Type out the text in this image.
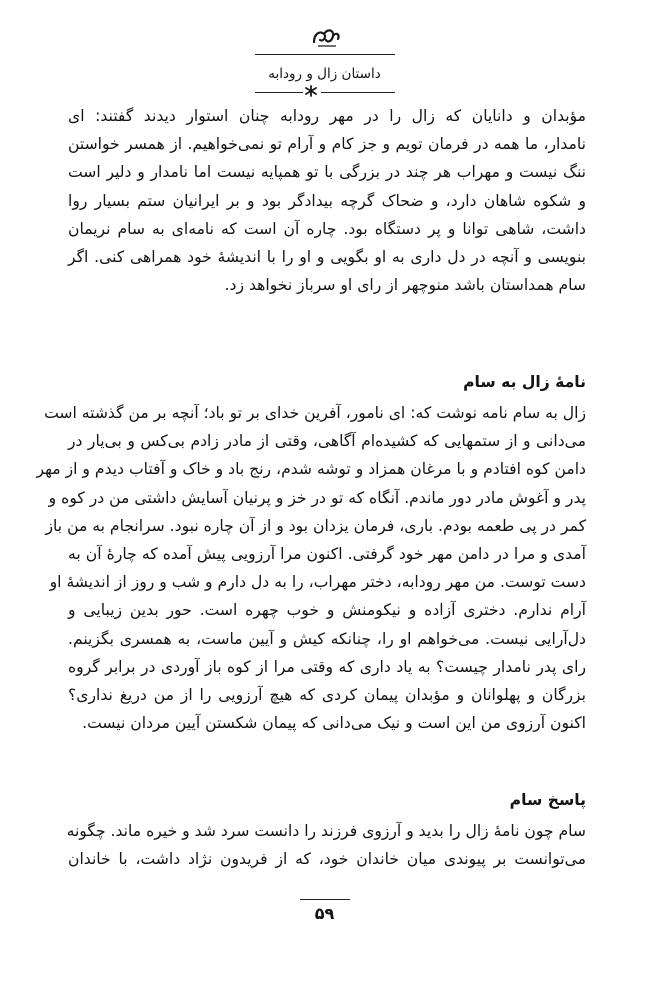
داستان زال و رودابه
مؤبدان و دانایان که زال را در مهر رودابه چنان استوار دیدند گفتند: ای
نامدار، ما همه در فرمان تویم و جز کام و آرام تو نمی‌خواهیم. از همسر خواستن
ننگ نیست و مهراب هر چند در بزرگی با تو همپایه نیست اما نامدار و دلیر است
و شکوه شاهان دارد، و ضحاک گرچه بیدادگر بود و بر ایرانیان ستم بسیار روا
داشت، شاهی توانا و پر دستگاه بود. چاره آن است که نامه‌ای به سام نریمان
بنویسی و آنچه در دل داری به او بگویی و او را با اندیشهٔ خود همراهی کنی. اگر
سام همداستان باشد منوچهر از رای او سرباز نخواهد زد.
نامهٔ زال به سام
زال به سام نامه نوشت که: ای نامور، آفرین خدای بر تو باد؛ آنچه بر من گذشته است
می‌دانی و از ستمهایی که کشیده‌ام آگاهی، وقتی از مادر زادم بی‌کس و بی‌یار در
دامن کوه افتادم و با مرغان همزاد و توشه شدم، رنج باد و خاک و آفتاب دیدم و از مهر
پدر و آغوش مادر دور ماندم. آنگاه که تو در خز و پرنیان آسایش داشتی من در کوه و
کمر در پی طعمه بودم. باری، فرمان یزدان بود و از آن چاره نبود. سرانجام به من باز
آمدی و مرا در دامن مهر خود گرفتی. اکنون مرا آرزویی پیش آمده که چارهٔ آن به
دست توست. من مهر رودابه، دختر مهراب، را به دل دارم و شب و روز از اندیشهٔ او
آرام ندارم. دختری آزاده و نیکومنش و خوب چهره است. حور بدین زیبایی و
دل‌آرایی نیست. می‌خواهم او را، چنانکه کیش و آیین ماست، به همسری بگزینم.
رای پدر نامدار چیست؟ به یاد داری که وقتی مرا از کوه باز آوردی در برابر گروه
بزرگان و پهلوانان و مؤبدان پیمان کردی که هیچ آرزویی را از من دریغ نداری؟
اکنون آرزوی من این است و نیک می‌دانی که پیمان شکستن آیین مردان نیست.
پاسخ سام
سام چون نامهٔ زال را بدید و آرزوی فرزند را دانست سرد شد و خیره ماند. چگونه
می‌توانست بر پیوندی میان خاندان خود، که از فریدون نژاد داشت، با خاندان
۵۹
